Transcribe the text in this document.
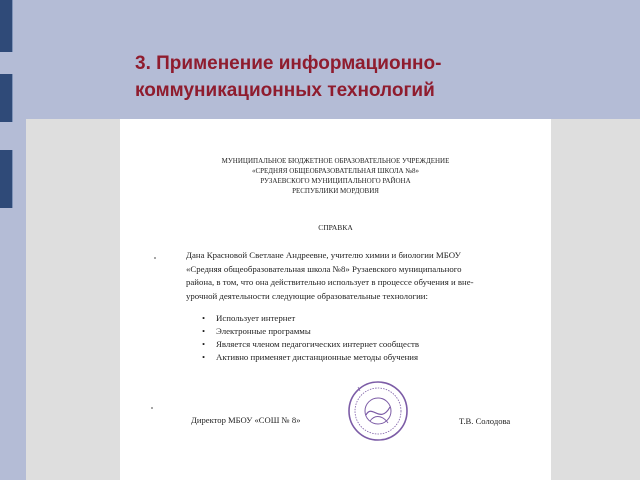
3. Применение информационно-
коммуникационных технологий
МУНИЦИПАЛЬНОЕ БЮДЖЕТНОЕ ОБРАЗОВАТЕЛЬНОЕ УЧРЕЖДЕНИЕ
«СРЕДНЯЯ ОБЩЕОБРАЗОВАТЕЛЬНАЯ ШКОЛА №8»
РУЗАЕВСКОГО МУНИЦИПАЛЬНОГО РАЙОНА
РЕСПУБЛИКИ МОРДОВИЯ
СПРАВКА
Дана Красновой Светлане Андреевне, учителю химии и биологии МБОУ
«Средняя общеобразовательная школа №8» Рузаевского муниципального
района, в том, что она действительно использует в процессе обучения и вне-
урочной деятельности следующие образовательные технологии:
• Использует интернет
• Электронные программы
• Является членом педагогических интернет сообществ
• Активно применяет дистанционные методы обучения
Директор МБОУ «СОШ № 8»	Т.В. Солодова
